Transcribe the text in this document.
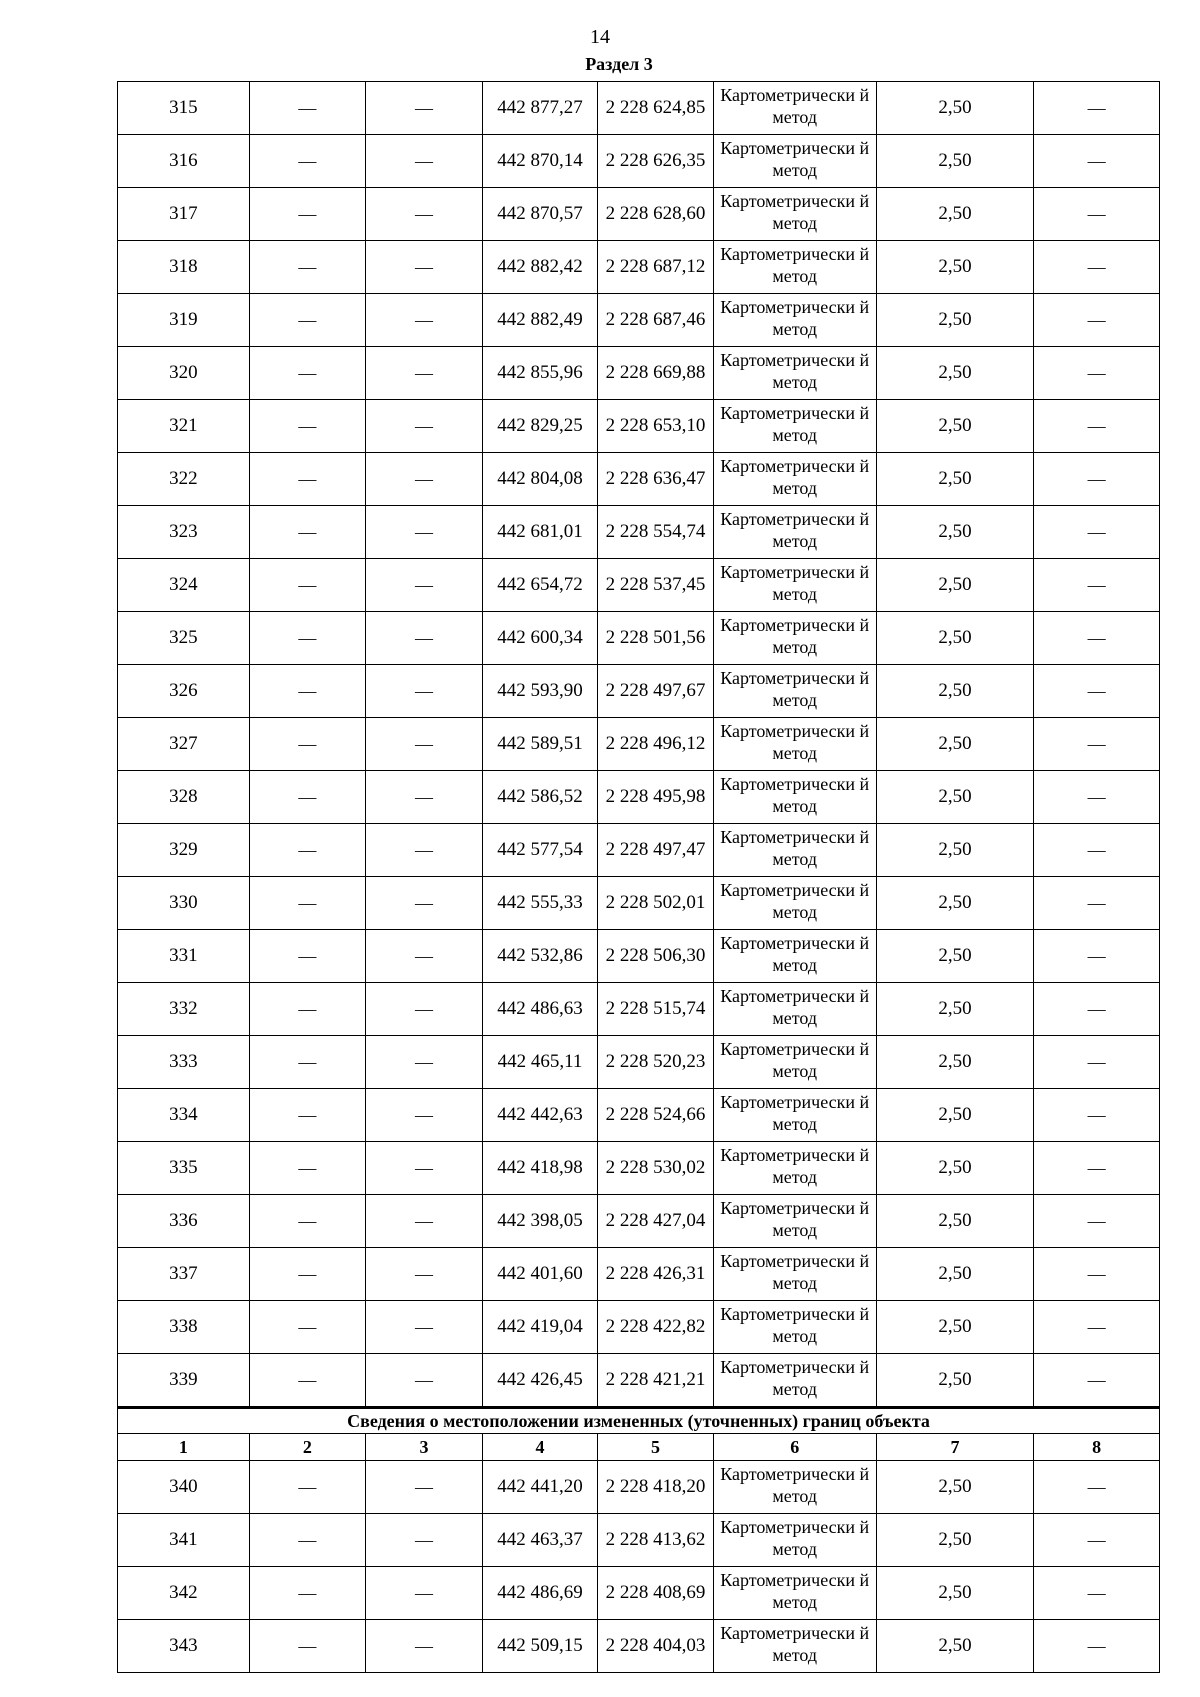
14
Раздел 3
315	—	—	442 877,27	2 228 624,85	Картометрически й метод	2,50	—
316	—	—	442 870,14	2 228 626,35	Картометрически й метод	2,50	—
317	—	—	442 870,57	2 228 628,60	Картометрически й метод	2,50	—
318	—	—	442 882,42	2 228 687,12	Картометрически й метод	2,50	—
319	—	—	442 882,49	2 228 687,46	Картометрически й метод	2,50	—
320	—	—	442 855,96	2 228 669,88	Картометрически й метод	2,50	—
321	—	—	442 829,25	2 228 653,10	Картометрически й метод	2,50	—
322	—	—	442 804,08	2 228 636,47	Картометрически й метод	2,50	—
323	—	—	442 681,01	2 228 554,74	Картометрически й метод	2,50	—
324	—	—	442 654,72	2 228 537,45	Картометрически й метод	2,50	—
325	—	—	442 600,34	2 228 501,56	Картометрически й метод	2,50	—
326	—	—	442 593,90	2 228 497,67	Картометрически й метод	2,50	—
327	—	—	442 589,51	2 228 496,12	Картометрически й метод	2,50	—
328	—	—	442 586,52	2 228 495,98	Картометрически й метод	2,50	—
329	—	—	442 577,54	2 228 497,47	Картометрически й метод	2,50	—
330	—	—	442 555,33	2 228 502,01	Картометрически й метод	2,50	—
331	—	—	442 532,86	2 228 506,30	Картометрически й метод	2,50	—
332	—	—	442 486,63	2 228 515,74	Картометрически й метод	2,50	—
333	—	—	442 465,11	2 228 520,23	Картометрически й метод	2,50	—
334	—	—	442 442,63	2 228 524,66	Картометрически й метод	2,50	—
335	—	—	442 418,98	2 228 530,02	Картометрически й метод	2,50	—
336	—	—	442 398,05	2 228 427,04	Картометрически й метод	2,50	—
337	—	—	442 401,60	2 228 426,31	Картометрически й метод	2,50	—
338	—	—	442 419,04	2 228 422,82	Картометрически й метод	2,50	—
339	—	—	442 426,45	2 228 421,21	Картометрически й метод	2,50	—
Сведения о местоположении измененных (уточненных) границ объекта							
1	2	3	4	5	6	7	8
340	—	—	442 441,20	2 228 418,20	Картометрически й метод	2,50	—
341	—	—	442 463,37	2 228 413,62	Картометрически й метод	2,50	—
342	—	—	442 486,69	2 228 408,69	Картометрически й метод	2,50	—
343	—	—	442 509,15	2 228 404,03	Картометрически й метод	2,50	—
